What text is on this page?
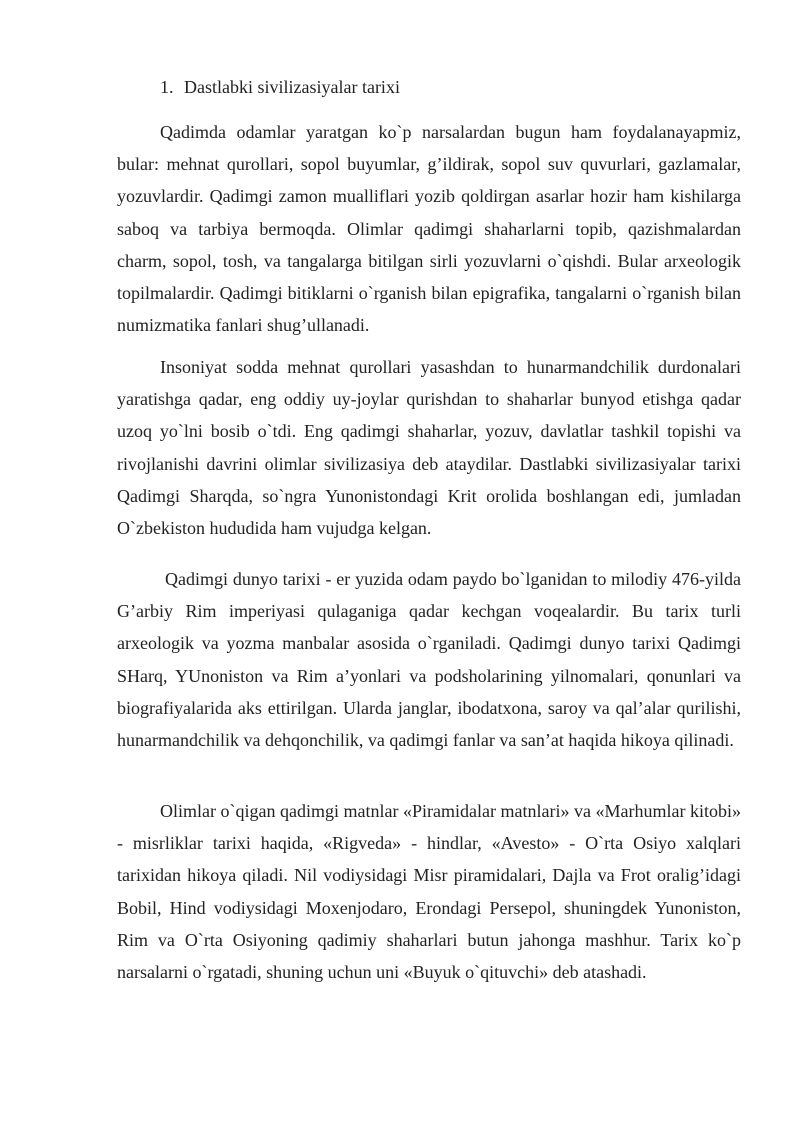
1. Dastlabki sivilizasiyalar tarixi

Qadimda odamlar yaratgan ko`p narsalardan bugun ham foydalanayapmiz, bular: mehnat qurollari, sopol buyumlar, g’ildirak, sopol suv quvurlari, gazlamalar, yozuvlardir. Qadimgi zamon mualliflari yozib qoldirgan asarlar hozir ham kishilarga saboq va tarbiya bermoqda. Olimlar qadimgi shaharlarni topib, qazishmalardan charm, sopol, tosh, va tangalarga bitilgan sirli yozuvlarni o`qishdi. Bular arxeologik topilmalardir. Qadimgi bitiklarni o`rganish bilan epigrafika, tangalarni o`rganish bilan numizmatika fanlari shug’ullanadi.

Insoniyat sodda mehnat qurollari yasashdan to hunarmandchilik durdonalari yaratishga qadar, eng oddiy uy-joylar qurishdan to shaharlar bunyod etishga qadar uzoq yo`lni bosib o`tdi. Eng qadimgi shaharlar, yozuv, davlatlar tashkil topishi va rivojlanishi davrini olimlar sivilizasiya deb ataydilar. Dastlabki sivilizasiyalar tarixi Qadimgi Sharqda, so`ngra Yunonistondagi Krit orolida boshlangan edi, jumladan O`zbekiston hududida ham vujudga kelgan.

Qadimgi dunyo tarixi - er yuzida odam paydo bo`lganidan to milodiy 476-yilda G’arbiy Rim imperiyasi qulaganiga qadar kechgan voqealardir. Bu tarix turli arxeologik va yozma manbalar asosida o`rganiladi. Qadimgi dunyo tarixi Qadimgi SHarq, YUnoniston va Rim a’yonlari va podsholarining yilnomalari, qonunlari va biografiyalarida aks ettirilgan. Ularda janglar, ibodatxona, saroy va qal’alar qurilishi, hunarmandchilik va dehqonchilik, va qadimgi fanlar va san’at haqida hikoya qilinadi.

Olimlar o`qigan qadimgi matnlar «Piramidalar matnlari» va «Marhumlar kitobi» - misrliklar tarixi haqida, «Rigveda» - hindlar, «Avesto» - O`rta Osiyo xalqlari tarixidan hikoya qiladi. Nil vodiysidagi Misr piramidalari, Dajla va Frot oralig’idagi Bobil, Hind vodiysidagi Moxenjodaro, Erondagi Persepol, shuningdek Yunoniston, Rim va O`rta Osiyoning qadimiy shaharlari butun jahonga mashhur. Tarix ko`p narsalarni o`rgatadi, shuning uchun uni «Buyuk o`qituvchi» deb atashadi.
